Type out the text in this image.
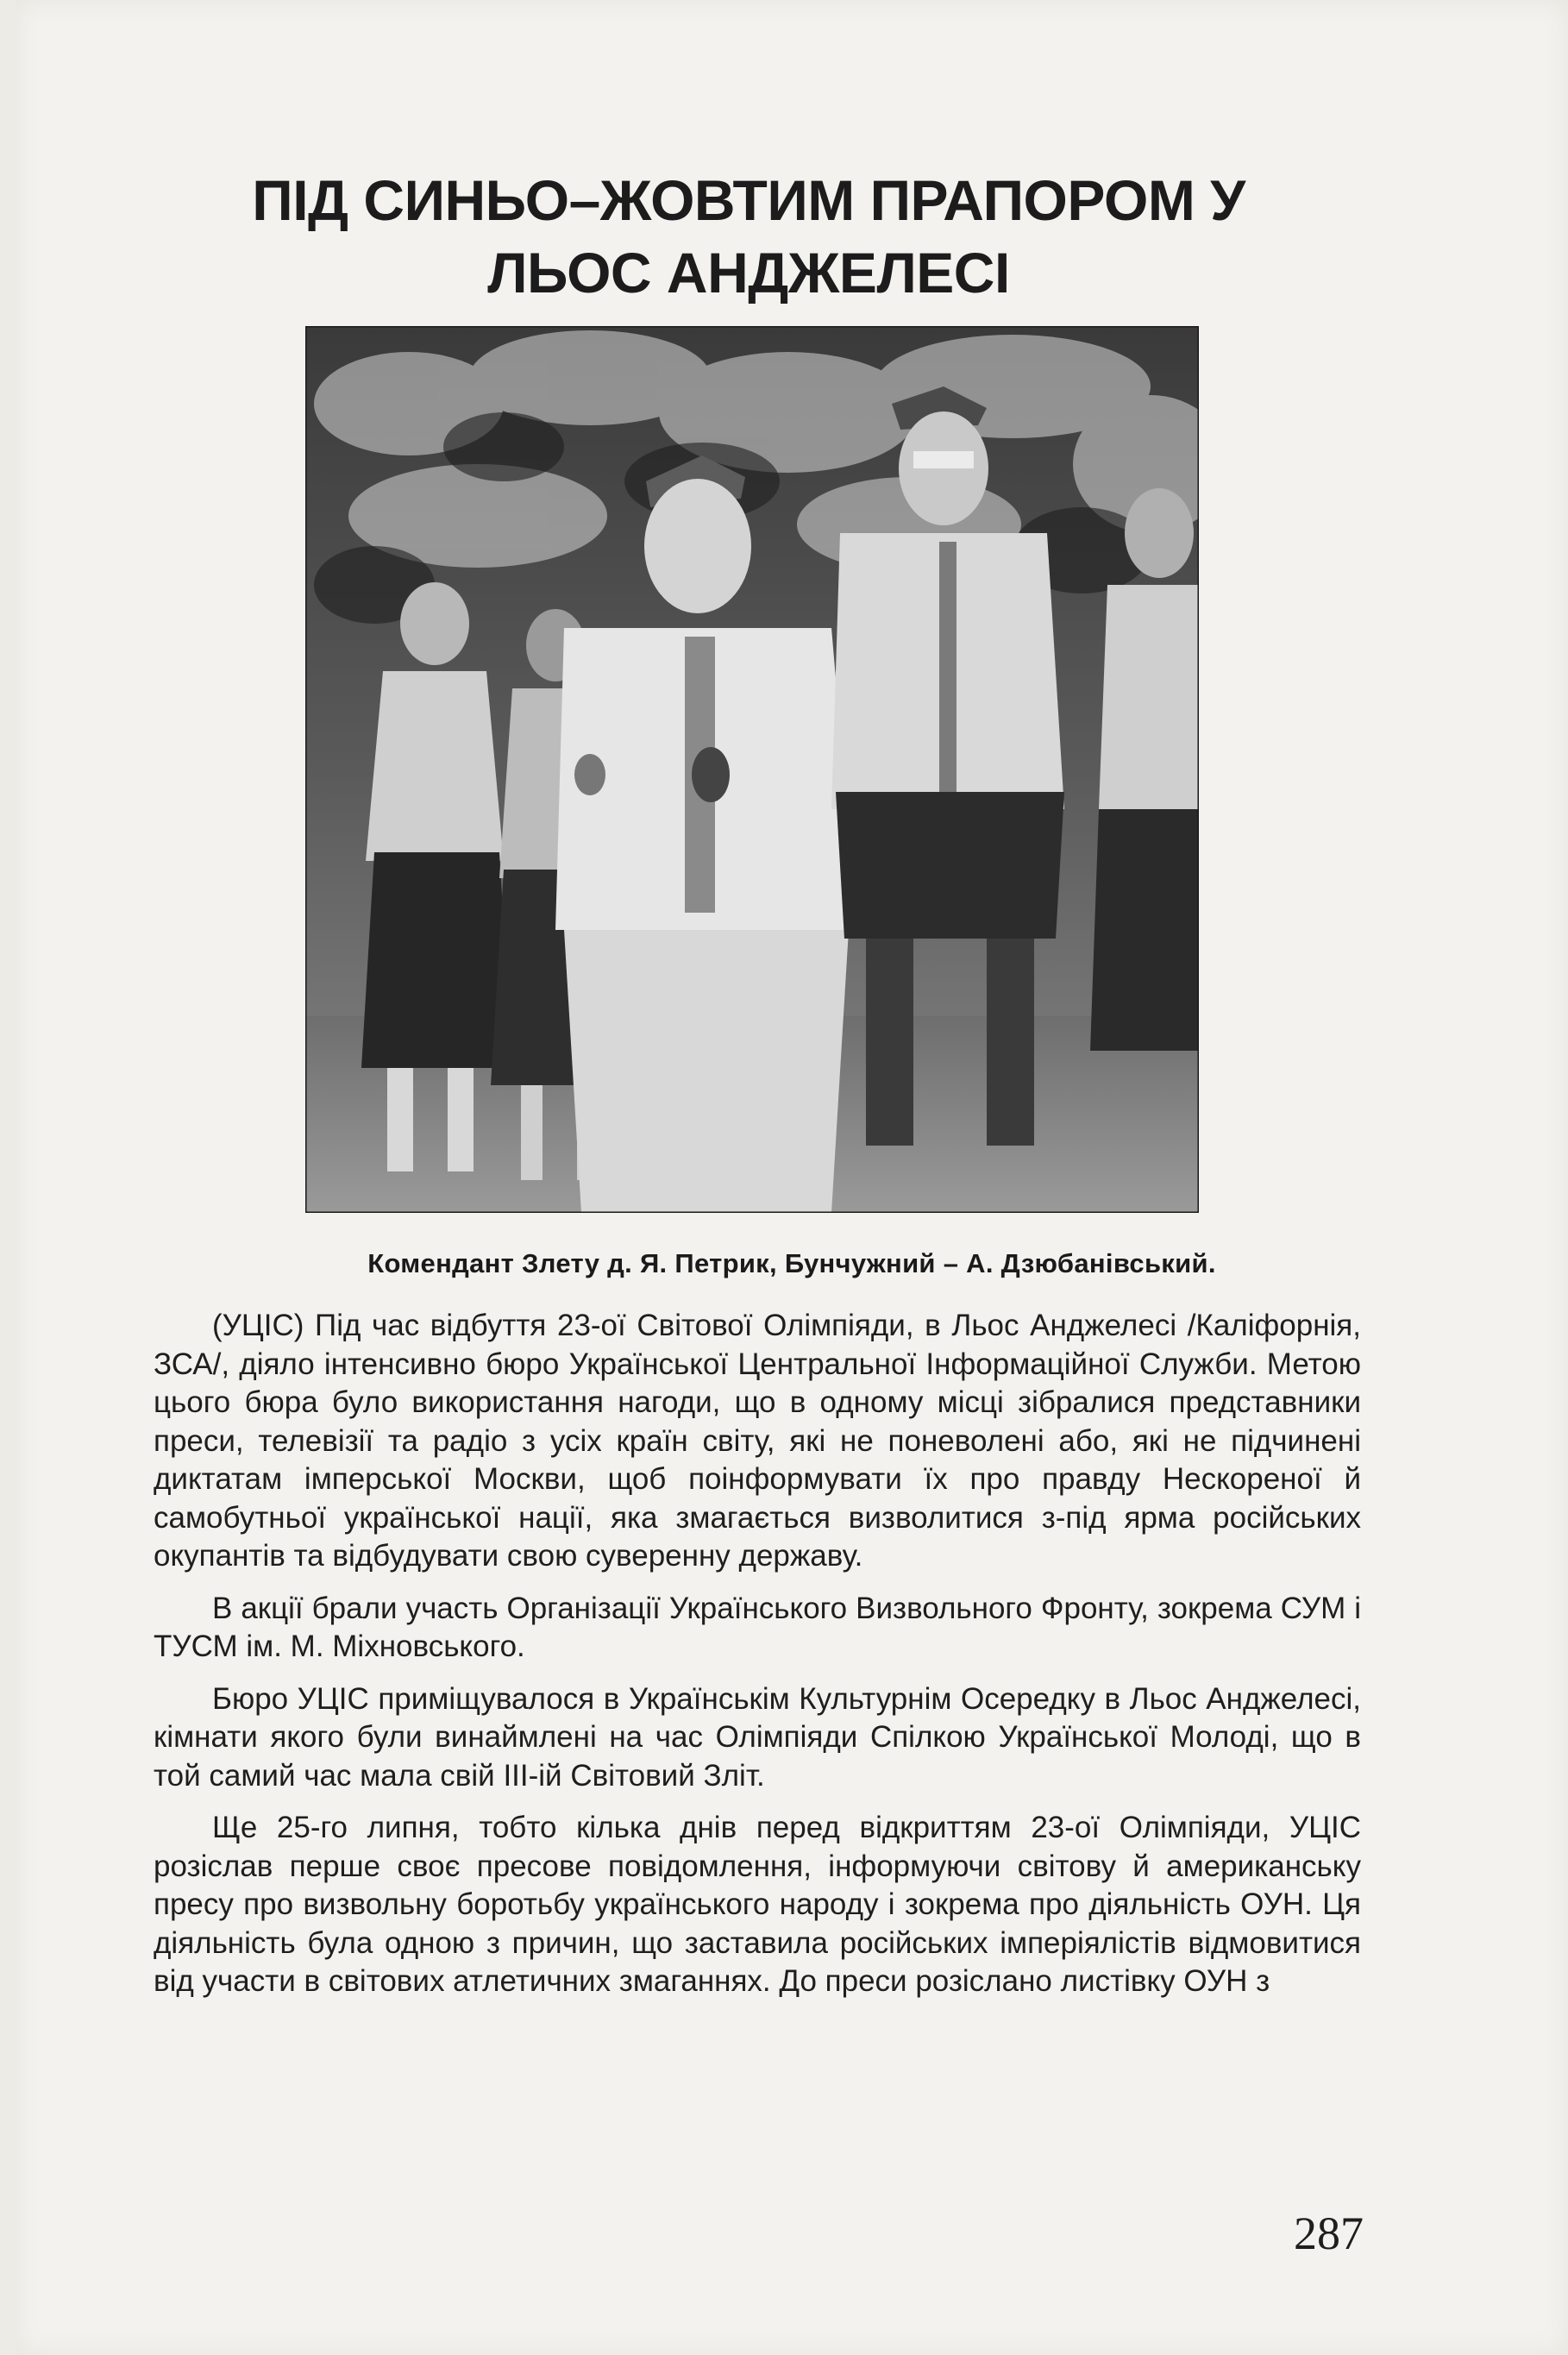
ПІД СИНЬО–ЖОВТИМ ПРАПОРОМ У
ЛЬОС АНДЖЕЛЕСІ
Комендант Злету д. Я. Петрик, Бунчужний – А. Дзюбанівський.

(УЦІС) Під час відбуття 23-ої Світової Олімпіяди, в Льос Анджелесі /Каліфорнія, ЗСА/, діяло інтенсивно бюро Української Центральної Інформаційної Служби. Метою цього бюра було використання нагоди, що в одному місці зібралися представники преси, телевізії та радіо з усіх країн світу, які не поневолені або, які не підчинені диктатам імперської Москви, щоб поінформувати їх про правду Нескореної й самобутньої української нації, яка змагається визволитися з-під ярма російських окупантів та відбудувати свою суверенну державу.

В акції брали участь Організації Українського Визвольного Фронту, зокрема СУМ і ТУСМ ім. М. Міхновського.

Бюро УЦІС приміщувалося в Українськім Культурнім Осередку в Льос Анджелесі, кімнати якого були винаймлені на час Олімпіяди Спілкою Української Молоді, що в той самий час мала свій ІІІ-ій Світовий Зліт.

Ще 25-го липня, тобто кілька днів перед відкриттям 23-ої Олімпіяди, УЦІС розіслав перше своє пресове повідомлення, інформуючи світову й американську пресу про визвольну боротьбу українського народу і зокрема про діяльність ОУН. Ця діяльність була одною з причин, що заставила російських імперіялістів відмовитися від участи в світових атлетичних змаганнях. До преси розіслано листівку ОУН з

287
